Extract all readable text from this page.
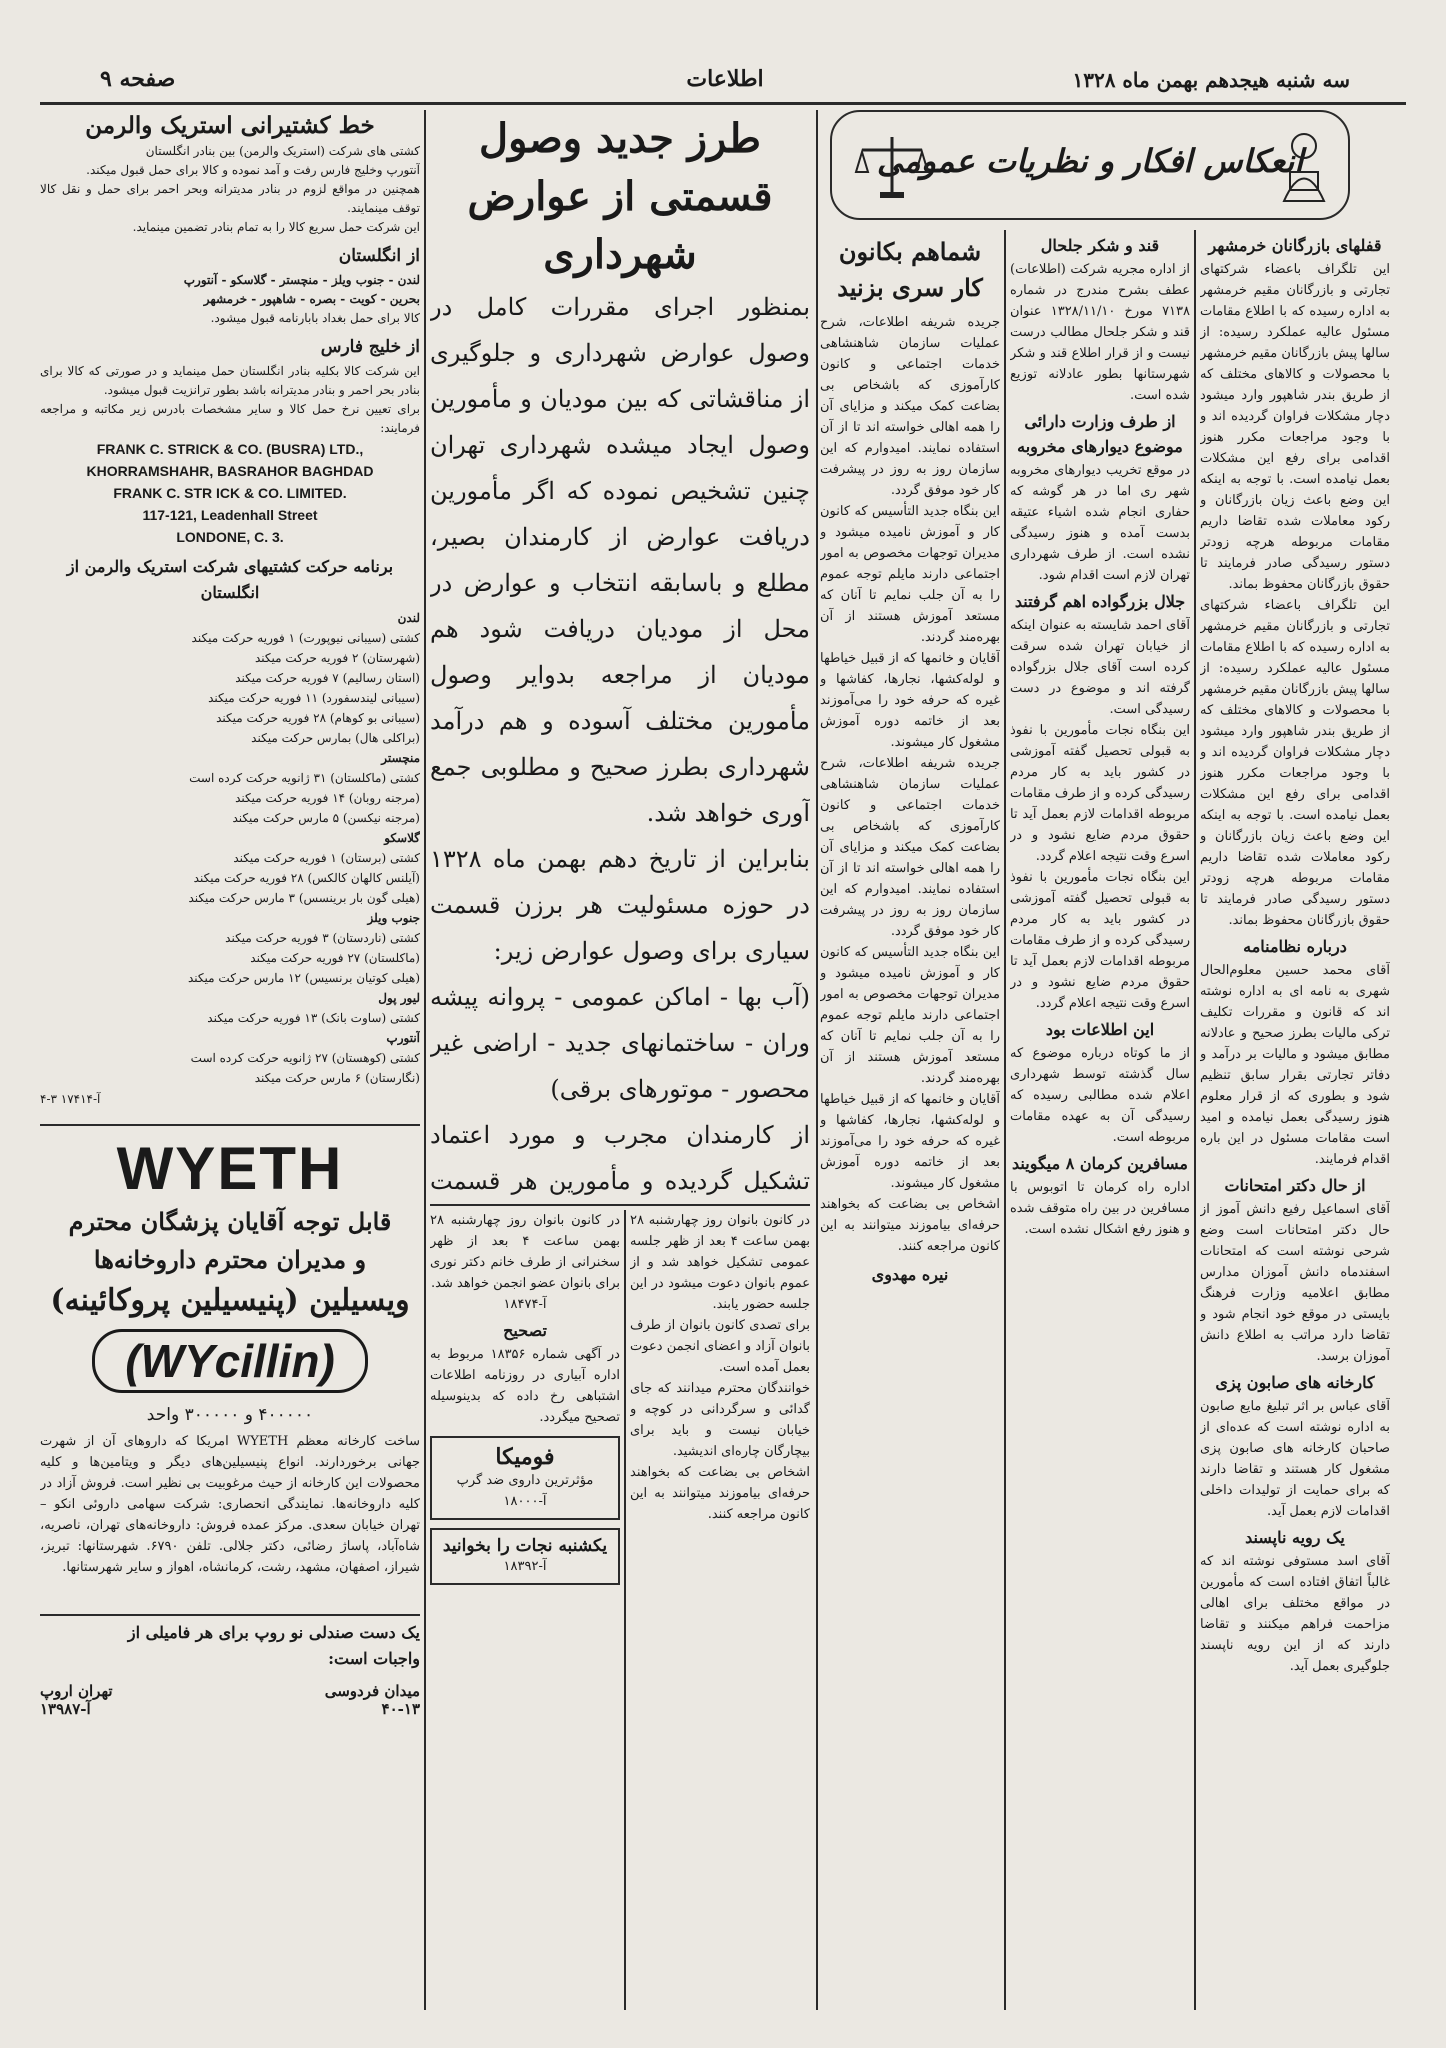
سه شنبه هیجدهم بهمن ماه ۱۳۲۸
اطلاعات
صفحه ۹

خط کشتیرانی استریک والرمن

کشتی های شرکت (استریک والرمن) بین بنادر انگلستان
آنتورپ وخلیج فارس رفت و آمد نموده و کالا برای حمل قبول میکند.
همچنین در مواقع لزوم در بنادر مدیترانه وبحر احمر برای حمل و نقل کالا توقف مینمایند.
این شرکت حمل سریع کالا را به تمام بنادر تضمین مینماید.

از انگلستان

لندن - جنوب ویلز - منچستر - گلاسکو - آنتورپ
بحرین - کویت - بصره - شاهپور - خرمشهر
کالا برای حمل بغداد بابارنامه قبول میشود.

از خلیج فارس

این شرکت کالا بکلیه بنادر انگلستان حمل مینماید و در صورتی که کالا برای بنادر بحر احمر و بنادر مدیترانه باشد بطور ترانزیت قبول میشود.
برای تعیین نرخ حمل کالا و سایر مشخصات بادرس زیر مکاتبه و مراجعه فرمایند:
FRANK C. STRICK & CO. (BUSRA) LTD.,
KHORRAMSHAHR, BASRAHOR BAGHDAD
FRANK C. STR ICK & CO. LIMITED.
117-121, Leadenhall Street
LONDONE, C. 3.

برنامه حرکت کشتیهای شرکت استریک والرمن از انگلستان

لندن
کشتی (سیبانی نیوپورت) ۱ فوریه حرکت میکند
(شهرستان) ۲ فوریه حرکت میکند
(استان رسالیم) ۷ فوریه حرکت میکند
(سیبانی لیندسفورد) ۱۱ فوریه حرکت میکند
(سیبانی بو کوهام) ۲۸ فوریه حرکت میکند
(براکلی هال) بمارس حرکت میکند
منچستر
کشتی (ماکلستان) ۳۱ ژانویه حرکت کرده است
(مرجنه روبان) ۱۴ فوریه حرکت میکند
(مرجنه نیکسن) ۵ مارس حرکت میکند
گلاسکو
کشتی (برستان) ۱ فوریه حرکت میکند
(آیلنس کالهان کالکس) ۲۸ فوریه حرکت میکند
(هیلی گون بار برینسس) ۳ مارس حرکت میکند
جنوب ویلز
کشتی (ناردستان) ۳ فوریه حرکت میکند
(ماکلستان) ۲۷ فوریه حرکت میکند
(هیلی کوتیان برنسیس) ۱۲ مارس حرکت میکند
لیور پول
کشتی (ساوت بانک) ۱۳ فوریه حرکت میکند
آنتورپ
کشتی (کوهستان) ۲۷ ژانویه حرکت کرده است
(نگارستان) ۶ مارس حرکت میکند
۴-۳ آ-۱۷۴۱۴
WYETH
قابل توجه آقایان پزشگان محترم
و مدیران محترم داروخانه‌ها
ویسیلین (پنیسیلین پروکائینه)
(WYcillin)
۴۰۰۰۰۰ و ۳۰۰۰۰۰ واحد
ساخت کارخانه معظم WYETH امریکا که داروهای آن از شهرت جهانی برخوردارند. انواع پنیسیلین‌های دیگر و ویتامین‌ها و کلیه محصولات این کارخانه از حیث مرغوبیت بی نظیر است. فروش آزاد در کلیه داروخانه‌ها. نمایندگی انحصاری: شرکت سهامی داروئی انکو – تهران خیابان سعدی. مرکز عمده فروش: داروخانه‌های تهران، ناصریه، شاه‌آباد، پاساژ رضائی، دکتر جلالی. تلفن ۶۷۹۰. شهرستانها: تبریز، شیراز، اصفهان، مشهد، رشت، کرمانشاه، اهواز و سایر شهرستانها.
یک دست صندلی نو روپ برای هر فامیلی از
واجبات است:
میدان فردوسی
تهران اروپ
۴۰-۱۳
آ-۱۳۹۸۷
طرز جدید وصول قسمتی از عوارض شهرداری
بمنظور اجرای مقررات کامل در وصول عوارض شهرداری و جلوگیری از مناقشاتی که بین مودیان و مأمورین وصول ایجاد میشده شهرداری تهران چنین تشخیص نموده که اگر مأمورین دریافت عوارض از کارمندان بصیر، مطلع و باسابقه انتخاب و عوارض در محل از مودیان دریافت شود هم مودیان از مراجعه بدوایر وصول مأمورین مختلف آسوده و هم درآمد شهرداری بطرز صحیح و مطلوبی جمع آوری خواهد شد.
بنابراین از تاریخ دهم بهمن ماه ۱۳۲۸ در حوزه مسئولیت هر برزن قسمت سیاری برای وصول عوارض زیر:
(آب بها - اماکن عمومی - پروانه پیشه وران - ساختمانهای جدید - اراضی غیر محصور - موتورهای برقی)
از کارمندان مجرب و مورد اعتماد تشکیل گردیده و مأمورین هر قسمت
در کانون بانوان روز چهارشنبه ۲۸ بهمن ساعت ۴ بعد از ظهر جلسه عمومی تشکیل خواهد شد و از عموم بانوان دعوت میشود در این جلسه حضور یابند.
برای تصدی کانون بانوان از طرف بانوان آزاد و اعضای انجمن دعوت بعمل آمده است.
خوانندگان محترم میدانند که جای گدائی و سرگردانی در کوچه و خیابان نیست و باید برای بیچارگان چاره‌ای اندیشید.
اشخاص بی بضاعت که بخواهند حرفه‌ای بیاموزند میتوانند به این کانون مراجعه کنند.
در کانون بانوان روز چهارشنبه ۲۸ بهمن ساعت ۴ بعد از ظهر سخنرانی از طرف خانم دکتر نوری برای بانوان عضو انجمن خواهد شد.
آ-۱۸۴۷۴
تصحیح
در آگهی شماره ۱۸۳۵۶ مربوط به اداره آبیاری در روزنامه اطلاعات اشتباهی رخ داده که بدینوسیله تصحیح میگردد.
فومیکا
مؤثرترین داروی ضد گرپ
آ-۱۸۰۰۰
یکشنبه نجات را بخوانید
آ-۱۸۳۹۲
انعکاس افکار و نظریات عمومی
قفلهای بازرگانان خرمشهر
این تلگراف باعضاء شرکتهای تجارتی و بازرگانان مقیم خرمشهر به اداره رسیده که با اطلاع مقامات مسئول عالیه عملکرد رسیده: از سالها پیش بازرگانان مقیم خرمشهر با محصولات و کالاهای مختلف که از طریق بندر شاهپور وارد میشود دچار مشکلات فراوان گردیده اند و با وجود مراجعات مکرر هنوز اقدامی برای رفع این مشکلات بعمل نیامده است. با توجه به اینکه این وضع باعث زیان بازرگانان و رکود معاملات شده تقاضا داریم مقامات مربوطه هرچه زودتر دستور رسیدگی صادر فرمایند تا حقوق بازرگانان محفوظ بماند.
این تلگراف باعضاء شرکتهای تجارتی و بازرگانان مقیم خرمشهر به اداره رسیده که با اطلاع مقامات مسئول عالیه عملکرد رسیده: از سالها پیش بازرگانان مقیم خرمشهر با محصولات و کالاهای مختلف که از طریق بندر شاهپور وارد میشود دچار مشکلات فراوان گردیده اند و با وجود مراجعات مکرر هنوز اقدامی برای رفع این مشکلات بعمل نیامده است. با توجه به اینکه این وضع باعث زیان بازرگانان و رکود معاملات شده تقاضا داریم مقامات مربوطه هرچه زودتر دستور رسیدگی صادر فرمایند تا حقوق بازرگانان محفوظ بماند.
درباره نظامنامه
آقای محمد حسین معلوم‌الحال شهری به نامه ای به اداره نوشته اند که قانون و مقررات تکلیف ترکی مالیات بطرز صحیح و عادلانه مطابق میشود و مالیات بر درآمد و دفاتر تجارتی بقرار سابق تنظیم شود و بطوری که از قرار معلوم هنوز رسیدگی بعمل نیامده و امید است مقامات مسئول در این باره اقدام فرمایند.
از حال دکتر امتحانات
آقای اسماعیل رفیع دانش آموز از حال دکتر امتحانات است وضع شرحی نوشته است که امتحانات اسفندماه دانش آموزان مدارس مطابق اعلامیه وزارت فرهنگ بایستی در موقع خود انجام شود و تقاضا دارد مراتب به اطلاع دانش آموزان برسد.
کارخانه های صابون پزی
آقای عباس بر اثر تبلیغ مایع صابون به اداره نوشته است که عده‌ای از صاحبان کارخانه های صابون پزی مشغول کار هستند و تقاضا دارند که برای حمایت از تولیدات داخلی اقدامات لازم بعمل آید.
یک رویه ناپسند
آقای اسد مستوفی نوشته اند که غالباً اتفاق افتاده است که مأمورین در مواقع مختلف برای اهالی مزاحمت فراهم میکنند و تقاضا دارند که از این رویه ناپسند جلوگیری بعمل آید.
قند و شکر جلحال
از اداره مجریه شرکت (اطلاعات) عطف بشرح مندرج در شماره ۷۱۳۸ مورخ ۱۳۲۸/۱۱/۱۰ عنوان قند و شکر جلحال مطالب درست نیست و از قرار اطلاع قند و شکر شهرستانها بطور عادلانه توزیع شده است.
از طرف وزارت دارائی
موضوع دیوارهای مخروبه
در موقع تخریب دیوارهای مخروبه شهر ری اما در هر گوشه که حفاری انجام شده اشیاء عتیقه بدست آمده و هنوز رسیدگی نشده است. از طرف شهرداری تهران لازم است اقدام شود.
جلال بزرگواده اهم گرفتند
آقای احمد شایسته به عنوان اینکه از خیابان تهران شده سرقت کرده است آقای جلال بزرگواده گرفته اند و موضوع در دست رسیدگی است.
این بنگاه نجات مأمورین با نفوذ به قبولی تحصیل گفته آموزشی در کشور باید به کار مردم رسیدگی کرده و از طرف مقامات مربوطه اقدامات لازم بعمل آید تا حقوق مردم ضایع نشود و در اسرع وقت نتیجه اعلام گردد.
این بنگاه نجات مأمورین با نفوذ به قبولی تحصیل گفته آموزشی در کشور باید به کار مردم رسیدگی کرده و از طرف مقامات مربوطه اقدامات لازم بعمل آید تا حقوق مردم ضایع نشود و در اسرع وقت نتیجه اعلام گردد.
این اطلاعات بود
از ما کوتاه درباره موضوع که سال گذشته توسط شهرداری اعلام شده مطالبی رسیده که رسیدگی آن به عهده مقامات مربوطه است.
مسافرین کرمان ۸ میگویند
اداره راه کرمان تا اتوبوس با مسافرین در بین راه متوقف شده و هنوز رفع اشکال نشده است.
شماهم بکانون کار سری بزنید
جریده شریفه اطلاعات، شرح عملیات سازمان شاهنشاهی خدمات اجتماعی و کانون کارآموزی که باشخاص بی بضاعت کمک میکند و مزایای آن را همه اهالی خواسته اند تا از آن استفاده نمایند. امیدوارم که این سازمان روز به روز در پیشرفت کار خود موفق گردد.
این بنگاه جدید التأسیس که کانون کار و آموزش نامیده میشود و مدیران توجهات مخصوص به امور اجتماعی دارند مایلم توجه عموم را به آن جلب نمایم تا آنان که مستعد آموزش هستند از آن بهره‌مند گردند.
آقایان و خانمها که از قبیل خیاطها و لوله‌کشها، نجارها، کفاشها و غیره که حرفه خود را می‌آموزند بعد از خاتمه دوره آموزش مشغول کار میشوند.
جریده شریفه اطلاعات، شرح عملیات سازمان شاهنشاهی خدمات اجتماعی و کانون کارآموزی که باشخاص بی بضاعت کمک میکند و مزایای آن را همه اهالی خواسته اند تا از آن استفاده نمایند. امیدوارم که این سازمان روز به روز در پیشرفت کار خود موفق گردد.
این بنگاه جدید التأسیس که کانون کار و آموزش نامیده میشود و مدیران توجهات مخصوص به امور اجتماعی دارند مایلم توجه عموم را به آن جلب نمایم تا آنان که مستعد آموزش هستند از آن بهره‌مند گردند.
آقایان و خانمها که از قبیل خیاطها و لوله‌کشها، نجارها، کفاشها و غیره که حرفه خود را می‌آموزند بعد از خاتمه دوره آموزش مشغول کار میشوند.
اشخاص بی بضاعت که بخواهند حرفه‌ای بیاموزند میتوانند به این کانون مراجعه کنند.
نیره مهدوی
